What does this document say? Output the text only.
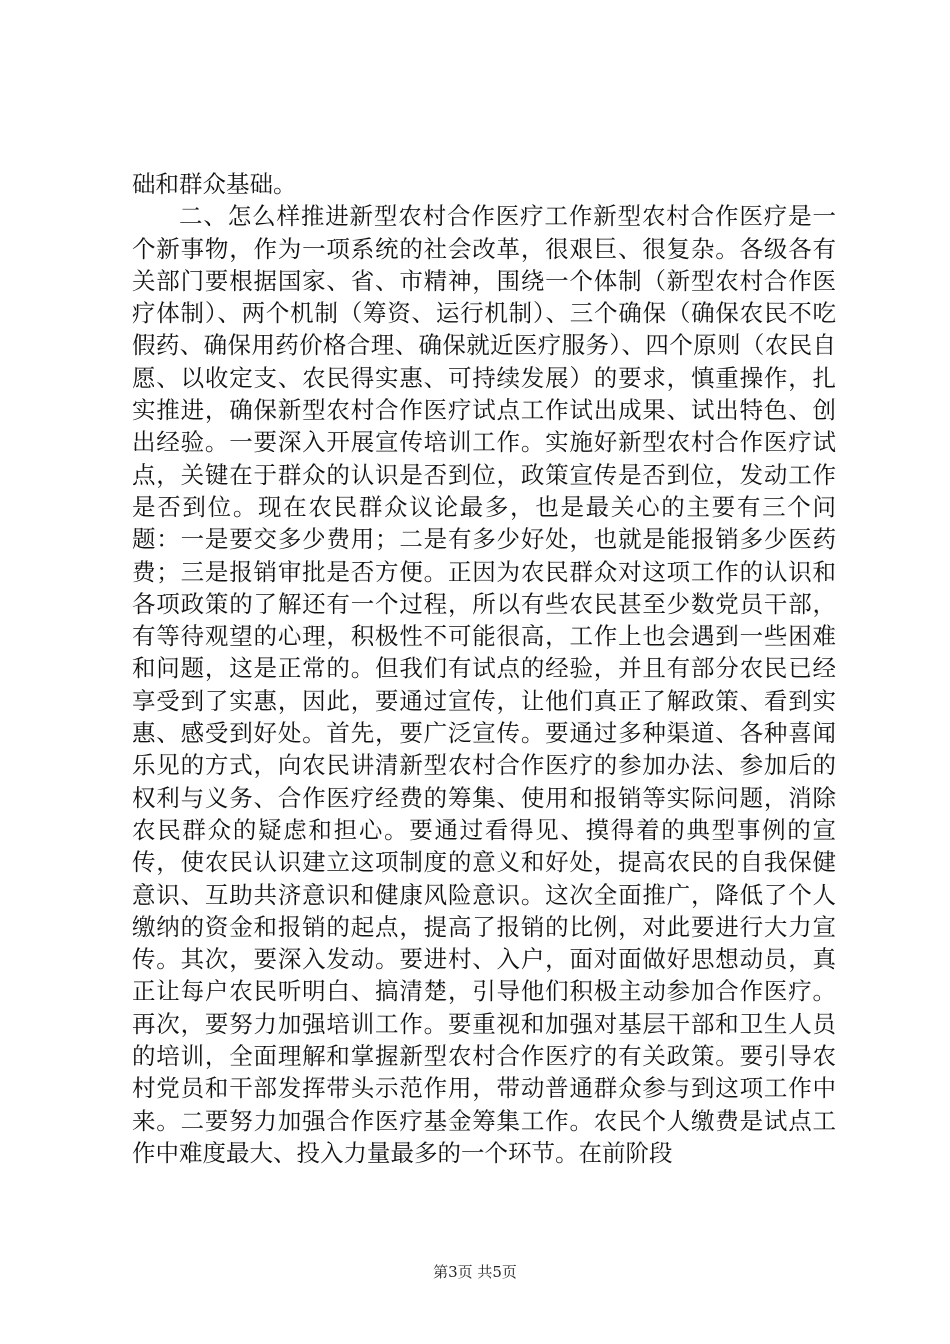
础和群众基础。

二、怎么样推进新型农村合作医疗工作新型农村合作医疗是一个新事物，作为一项系统的社会改革，很艰巨、很复杂。各级各有关部门要根据国家、省、市精神，围绕一个体制（新型农村合作医疗体制）、两个机制（筹资、运行机制）、三个确保（确保农民不吃假药、确保用药价格合理、确保就近医疗服务）、四个原则（农民自愿、以收定支、农民得实惠、可持续发展）的要求，慎重操作，扎实推进，确保新型农村合作医疗试点工作试出成果、试出特色、创出经验。一要深入开展宣传培训工作。实施好新型农村合作医疗试点，关键在于群众的认识是否到位，政策宣传是否到位，发动工作是否到位。现在农民群众议论最多，也是最关心的主要有三个问题：一是要交多少费用；二是有多少好处，也就是能报销多少医药费；三是报销审批是否方便。正因为农民群众对这项工作的认识和各项政策的了解还有一个过程，所以有些农民甚至少数党员干部，有等待观望的心理，积极性不可能很高，工作上也会遇到一些困难和问题，这是正常的。但我们有试点的经验，并且有部分农民已经享受到了实惠，因此，要通过宣传，让他们真正了解政策、看到实惠、感受到好处。首先，要广泛宣传。要通过多种渠道、各种喜闻乐见的方式，向农民讲清新型农村合作医疗的参加办法、参加后的权利与义务、合作医疗经费的筹集、使用和报销等实际问题，消除农民群众的疑虑和担心。要通过看得见、摸得着的典型事例的宣传，使农民认识建立这项制度的意义和好处，提高农民的自我保健意识、互助共济意识和健康风险意识。这次全面推广，降低了个人缴纳的资金和报销的起点，提高了报销的比例，对此要进行大力宣传。其次，要深入发动。要进村、入户，面对面做好思想动员，真正让每户农民听明白、搞清楚，引导他们积极主动参加合作医疗。再次，要努力加强培训工作。要重视和加强对基层干部和卫生人员的培训，全面理解和掌握新型农村合作医疗的有关政策。要引导农村党员和干部发挥带头示范作用，带动普通群众参与到这项工作中来。二要努力加强合作医疗基金筹集工作。农民个人缴费是试点工作中难度最大、投入力量最多的一个环节。在前阶段

第3页 共5页
